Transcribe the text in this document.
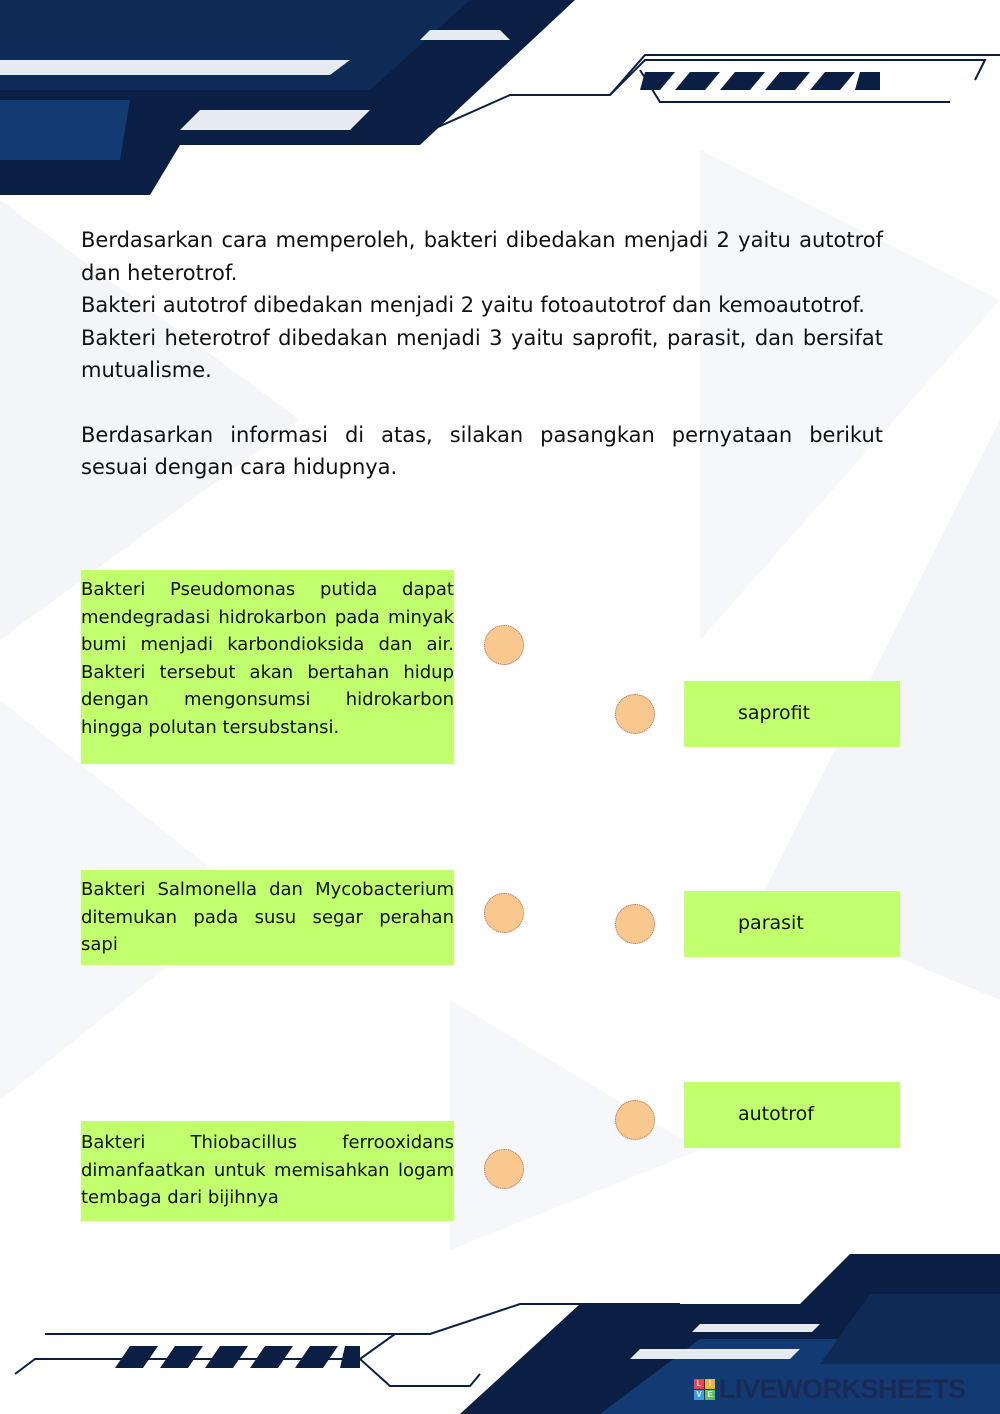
Berdasarkan cara memperoleh, bakteri dibedakan menjadi 2 yaitu autotrof dan heterotrof.

Bakteri autotrof dibedakan menjadi 2 yaitu fotoautotrof dan kemoautotrof.

Bakteri heterotrof dibedakan menjadi 3 yaitu saprofit, parasit, dan bersifat mutualisme.

Berdasarkan informasi di atas, silakan pasangkan pernyataan berikut sesuai dengan cara hidupnya.

Bakteri Pseudomonas putida dapat mendegradasi hidrokarbon pada minyak bumi menjadi karbondioksida dan air. Bakteri tersebut akan bertahan hidup dengan mengonsumsi hidrokarbon hingga polutan tersubstansi.
Bakteri Salmonella dan Mycobacterium ditemukan pada susu segar perahan sapi
Bakteri Thiobacillus ferrooxidans dimanfaatkan untuk memisahkan logam tembaga dari bijihnya
saprofit
parasit
autotrof
L I
V E LIVEWORKSHEETS
